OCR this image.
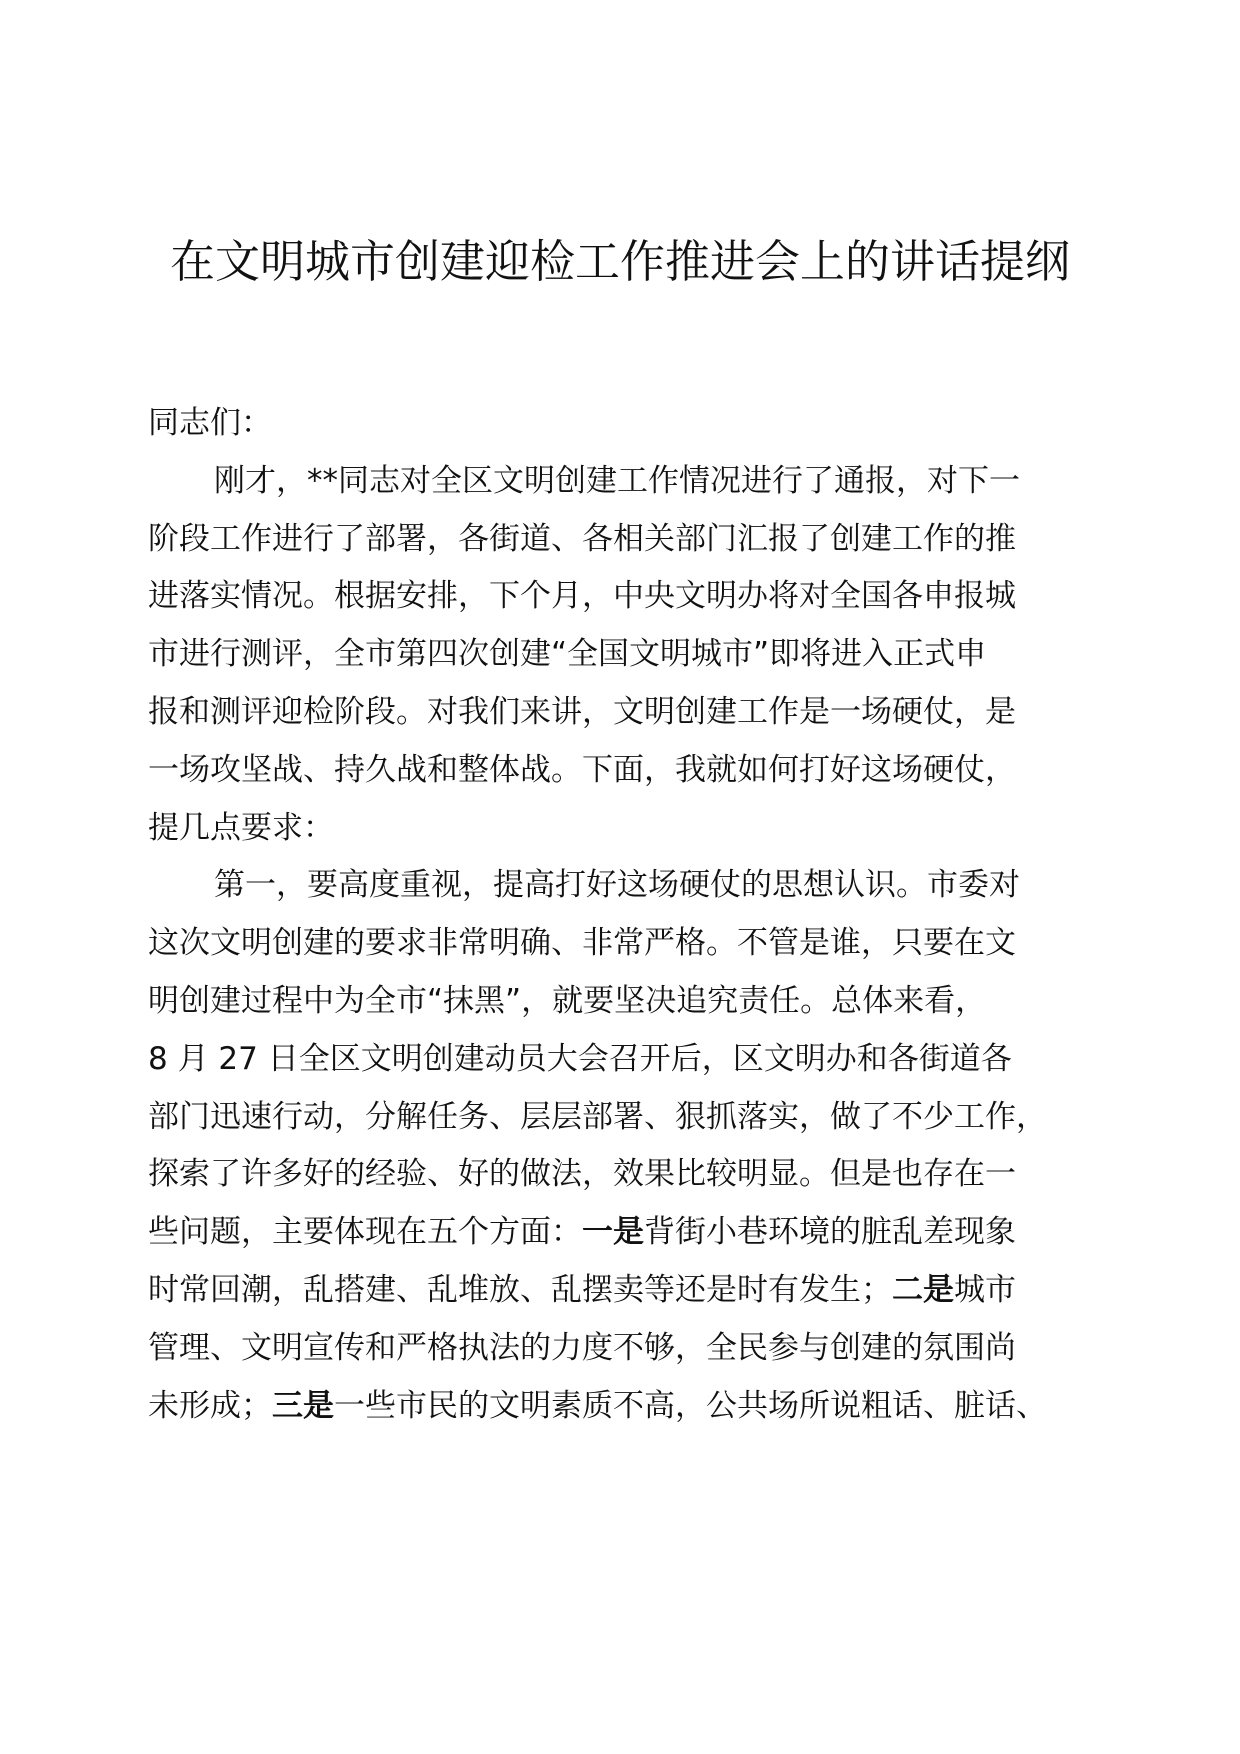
在文明城市创建迎检工作推进会上的讲话提纲
同志们：
刚才，**同志对全区文明创建工作情况进行了通报，对下一
阶段工作进行了部署，各街道、各相关部门汇报了创建工作的推
进落实情况。根据安排，下个月，中央文明办将对全国各申报城
市进行测评，全市第四次创建“全国文明城市”即将进入正式申
报和测评迎检阶段。对我们来讲，文明创建工作是一场硬仗，是
一场攻坚战、持久战和整体战。下面，我就如何打好这场硬仗，
提几点要求：
第一，要高度重视，提高打好这场硬仗的思想认识。市委对
这次文明创建的要求非常明确、非常严格。不管是谁，只要在文
明创建过程中为全市“抹黑”，就要坚决追究责任。总体来看，
8 月 27 日全区文明创建动员大会召开后，区文明办和各街道各
部门迅速行动，分解任务、层层部署、狠抓落实，做了不少工作，
探索了许多好的经验、好的做法，效果比较明显。但是也存在一
些问题，主要体现在五个方面：一是背街小巷环境的脏乱差现象
时常回潮，乱搭建、乱堆放、乱摆卖等还是时有发生；二是城市
管理、文明宣传和严格执法的力度不够，全民参与创建的氛围尚
未形成；三是一些市民的文明素质不高，公共场所说粗话、脏话、
